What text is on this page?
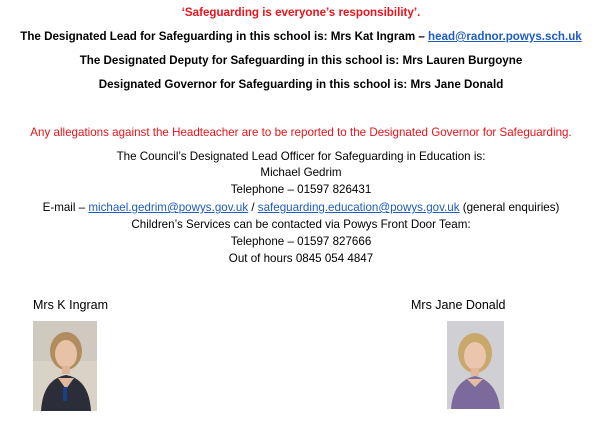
‘Safeguarding is everyone’s responsibility’.
The Designated Lead for Safeguarding in this school is: Mrs Kat Ingram – head@radnor.powys.sch.uk
The Designated Deputy for Safeguarding in this school is: Mrs Lauren Burgoyne
Designated Governor for Safeguarding in this school is: Mrs Jane Donald
Any allegations against the Headteacher are to be reported to the Designated Governor for Safeguarding.
The Council’s Designated Lead Officer for Safeguarding in Education is:
Michael Gedrim
Telephone – 01597 826431
E-mail – michael.gedrim@powys.gov.uk / safeguarding.education@powys.gov.uk (general enquiries)
Children’s Services can be contacted via Powys Front Door Team:
Telephone – 01597 827666
Out of hours 0845 054 4847
Mrs K Ingram	Mrs Jane Donald
